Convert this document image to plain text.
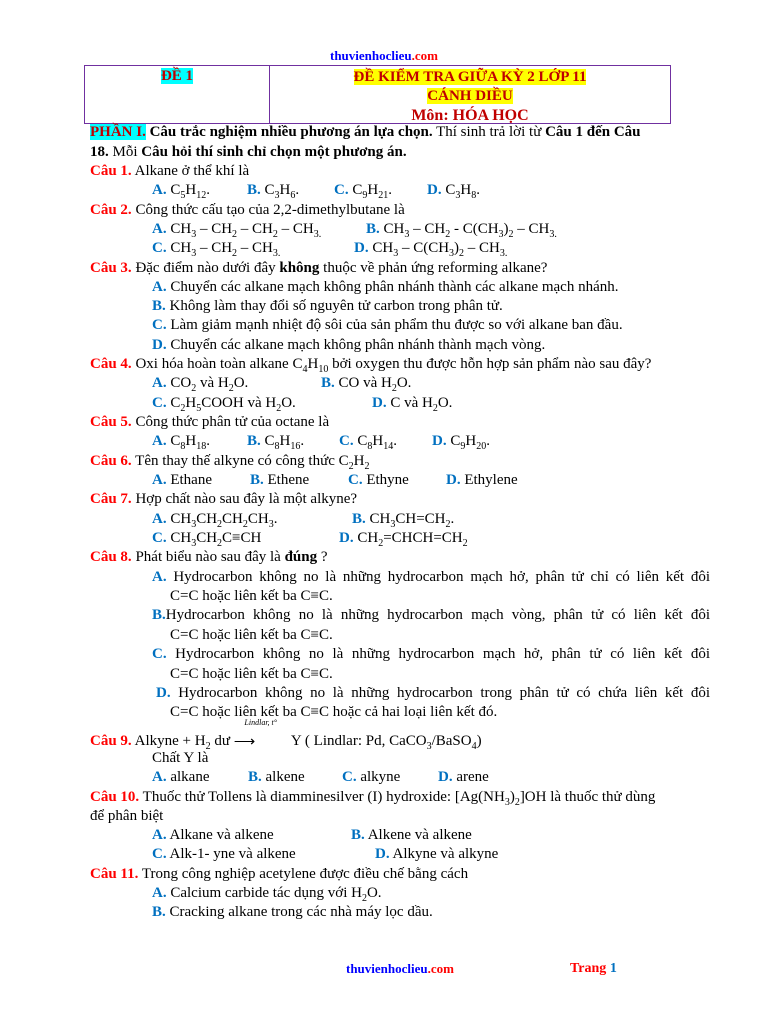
thuvienhoclieu.com
ĐỀ 1	ĐỀ KIỂM TRA GIỮA KỲ 2 LỚP 11
CÁNH DIỀU
Môn: HÓA HỌC
PHẦN I. Câu trắc nghiệm nhiều phương án lựa chọn. Thí sinh trả lời từ Câu 1 đến Câu
18. Mỗi Câu hỏi thí sinh chỉ chọn một phương án.
Câu 1. Alkane ở thể khí là
A. $C_5H_{12}$. B. $C_3H_6$. C. $C_9H_{21}$. D. $C_3H_8$.
Câu 2. Công thức cấu tạo của 2,2-dimethylbutane là
A. $CH_3 - CH_2 - CH_2 - CH_{3.}$	B. $CH_3 - CH_2 - C(CH_3)_2 - CH_{3.}$
C. $CH_3 - CH_2 - CH_{3.}$	D. $CH_3 - C(CH_3)_2 - CH_{3.}$
Câu 3. Đặc điểm nào dưới đây không thuộc về phản ứng reforming alkane?
A. Chuyển các alkane mạch không phân nhánh thành các alkane mạch nhánh.
B. Không làm thay đổi số nguyên tử carbon trong phân tử.
C. Làm giảm mạnh nhiệt độ sôi của sản phẩm thu được so với alkane ban đầu.
D. Chuyển các alkane mạch không phân nhánh thành mạch vòng.
Câu 4. Oxi hóa hoàn toàn alkane $C_4H_{10}$ bởi oxygen thu được hỗn hợp sản phẩm nào sau đây?
A. $CO_2$ và $H_2O$.	B. CO và $H_2O$.
C. $C_2H_5COOH$ và $H_2O$.	D. C và $H_2O$.
Câu 5. Công thức phân tử của octane là
A. $C_8H_{18}$. B. $C_8H_{16}$. C. $C_8H_{14}$. D. $C_9H_{20}$.
Câu 6. Tên thay thế alkyne có công thức $C_2H_2$
A. Ethane	B. Ethene	C. Ethyne D. Ethylene
Câu 7. Hợp chất nào sau đây là một alkyne?
A. $CH_3CH_2CH_2CH_3$.	B. $CH_3CH=CH_2$.
C. $CH_3CH_2C\equiv CH$	D. $CH_2=CHCH=CH_2$
Câu 8. Phát biểu nào sau đây là đúng ?
A. Hydrocarbon không no là những hydrocarbon mạch hở, phân tử chỉ có liên kết đôi
C=C hoặc liên kết ba C≡C.
B.Hydrocarbon không no là những hydrocarbon mạch vòng, phân tử có liên kết đôi
C=C hoặc liên kết ba C≡C.
C. Hydrocarbon không no là những hydrocarbon mạch hở, phân tử có liên kết đôi
C=C hoặc liên kết ba C≡C.
D. Hydrocarbon không no là những hydrocarbon trong phân tử có chứa liên kết đôi
C=C hoặc liên kết ba C≡C hoặc cả hai loại liên kết đó.
Câu 9. Alkyne + $H_2$ dư
Lindlar, t°
⟶ Y ( Lindlar: Pd, CaCO$_3$/BaSO$_4$)
Chất Y là
A. alkane	B. alkene C. alkyne	D. arene
Câu 10. Thuốc thử Tollens là diamminesilver (I) hydroxide: $[Ag(NH_3)_2]OH$ là thuốc thử dùng
để phân biệt
A. Alkane và alkene	B. Alkene và alkene
C. Alk-1- yne và alkene	D. Alkyne và alkyne
Câu 11. Trong công nghiệp acetylene được điều chế bằng cách
A. Calcium carbide tác dụng với $H_2O$.
B. Cracking alkane trong các nhà máy lọc dầu.
thuvienhoclieu.com	Trang 1
